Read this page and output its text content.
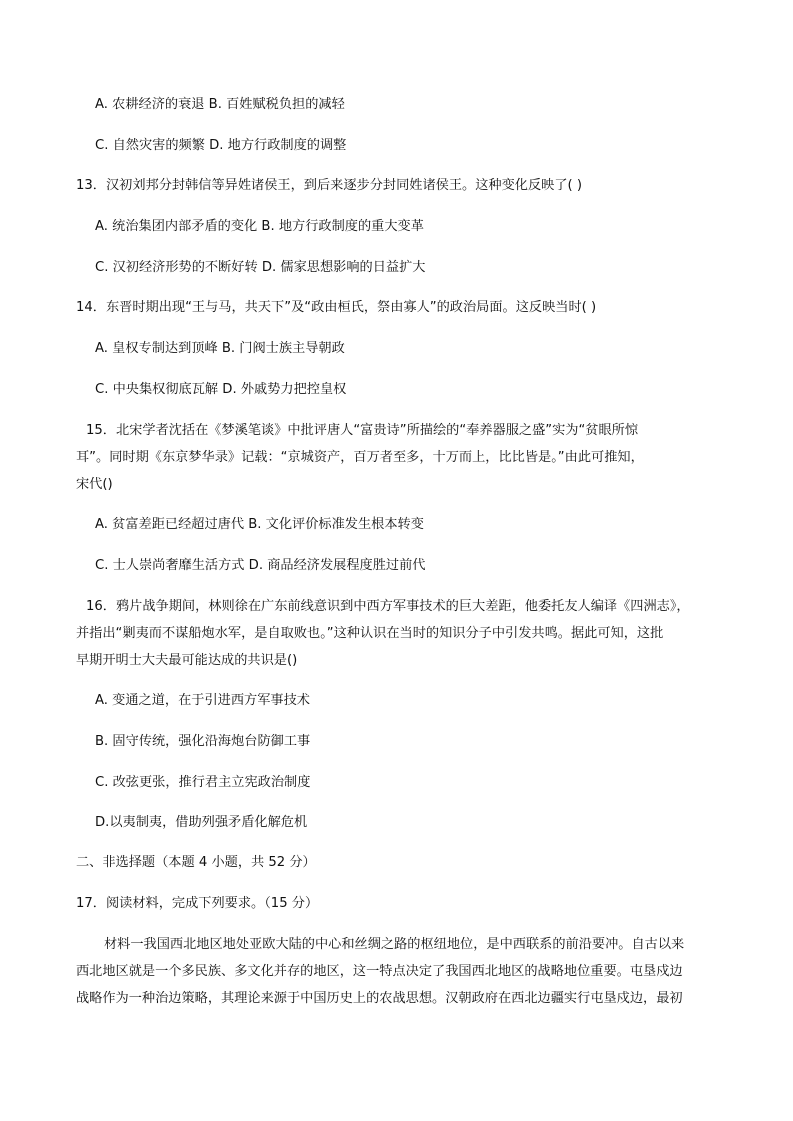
A. 农耕经济的衰退 B. 百姓赋税负担的减轻
C. 自然灾害的频繁 D. 地方行政制度的调整
13．汉初刘邦分封韩信等异姓诸侯王，到后来逐步分封同姓诸侯王。这种变化反映了( )
A. 统治集团内部矛盾的变化 B. 地方行政制度的重大变革
C. 汉初经济形势的不断好转 D. 儒家思想影响的日益扩大
14．东晋时期出现“王与马，共天下”及“政由桓氏，祭由寡人”的政治局面。这反映当时( )
A. 皇权专制达到顶峰 B. 门阀士族主导朝政
C. 中央集权彻底瓦解 D. 外戚势力把控皇权
15．北宋学者沈括在《梦溪笔谈》中批评唐人“富贵诗”所描绘的“奉养器服之盛”实为“贫眼所惊
耳”。同时期《东京梦华录》记载：“京城资产，百万者至多，十万而上，比比皆是。”由此可推知，
宋代()
A. 贫富差距已经超过唐代 B. 文化评价标准发生根本转变
C. 士人崇尚奢靡生活方式 D. 商品经济发展程度胜过前代
16．鸦片战争期间，林则徐在广东前线意识到中西方军事技术的巨大差距，他委托友人编译《四洲志》，
并指出“剿夷而不谋船炮水军，是自取败也。”这种认识在当时的知识分子中引发共鸣。据此可知，这批
早期开明士大夫最可能达成的共识是()
A. 变通之道，在于引进西方军事技术
B. 固守传统，强化沿海炮台防御工事
C. 改弦更张，推行君主立宪政治制度
D.以夷制夷，借助列强矛盾化解危机
二、非选择题（本题 4 小题，共 52 分）
17．阅读材料，完成下列要求。（15 分）
材料一我国西北地区地处亚欧大陆的中心和丝绸之路的枢纽地位，是中西联系的前沿要冲。自古以来
西北地区就是一个多民族、多文化并存的地区，这一特点决定了我国西北地区的战略地位重要。屯垦戍边
战略作为一种治边策略，其理论来源于中国历史上的农战思想。汉朝政府在西北边疆实行屯垦戍边，最初
